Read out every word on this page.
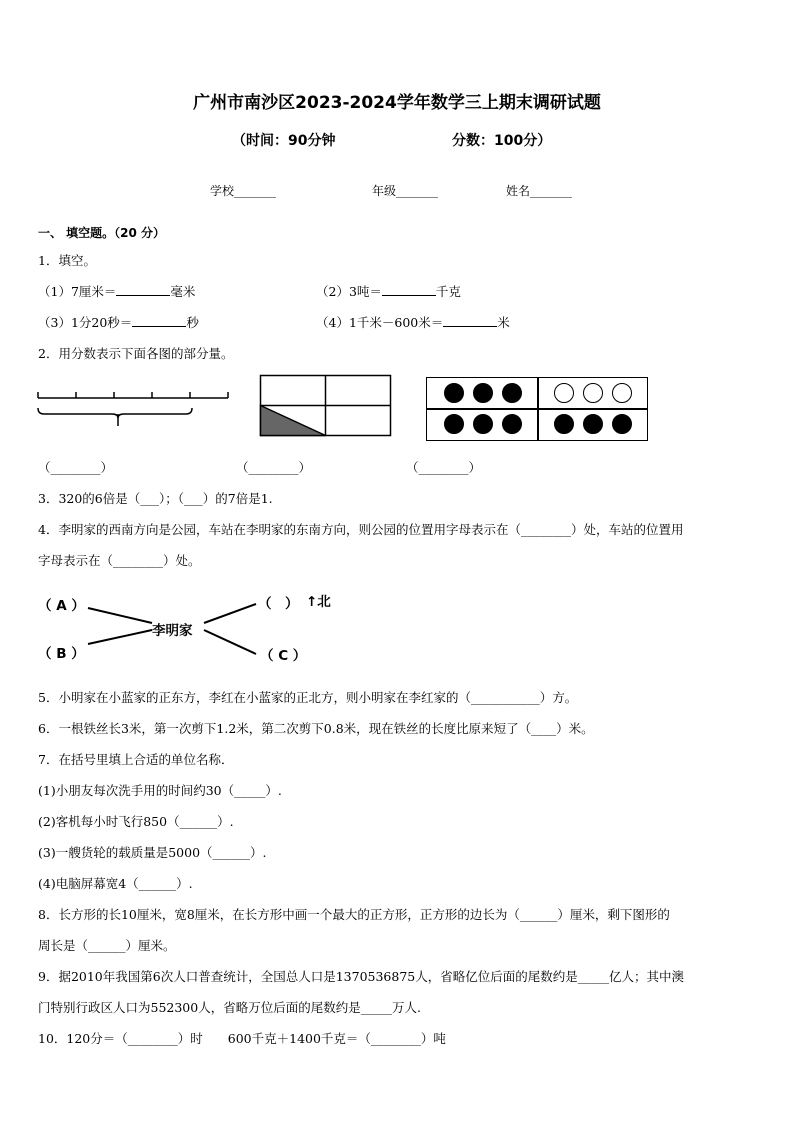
广州市南沙区2023-2024学年数学三上期末调研试题
（时间：90分钟	分数：100分）
学校_______	年级_______	姓名_______
一、 填空题。（20 分）
1．填空。
（1）7厘米＝	毫米	（2）3吨＝	千克
（3）1分20秒＝	秒	（4）1千米－600米＝	米
2．用分数表示下面各图的部分量。
（________）	（________）	（________）
3．320的6倍是（___）；（___）的7倍是1.
4．李明家的西南方向是公园，车站在李明家的东南方向，则公园的位置用字母表示在（________）处，车站的位置用
字母表示在（________）处。
（ A ）
（ B ）
李明家
（　） ↑北
（ C ）
5．小明家在小蓝家的正东方，李红在小蓝家的正北方，则小明家在李红家的（___________）方。
6．一根铁丝长3米，第一次剪下1.2米，第二次剪下0.8米，现在铁丝的长度比原来短了（____）米。
7．在括号里填上合适的单位名称．
(1)小朋友每次洗手用的时间约30（_____）.
(2)客机每小时飞行850（______）.
(3)一艘货轮的载质量是5000（______）.
(4)电脑屏幕宽4（______）.
8．长方形的长10厘米，宽8厘米，在长方形中画一个最大的正方形，正方形的边长为（______）厘米，剩下图形的
周长是（______）厘米。
9．据2010年我国第6次人口普查统计，全国总人口是1370536875人，省略亿位后面的尾数约是_____亿人；其中澳
门特别行政区人口为552300人，省略万位后面的尾数约是_____万人.
10．120分＝（________）时　　600千克＋1400千克＝（________）吨
